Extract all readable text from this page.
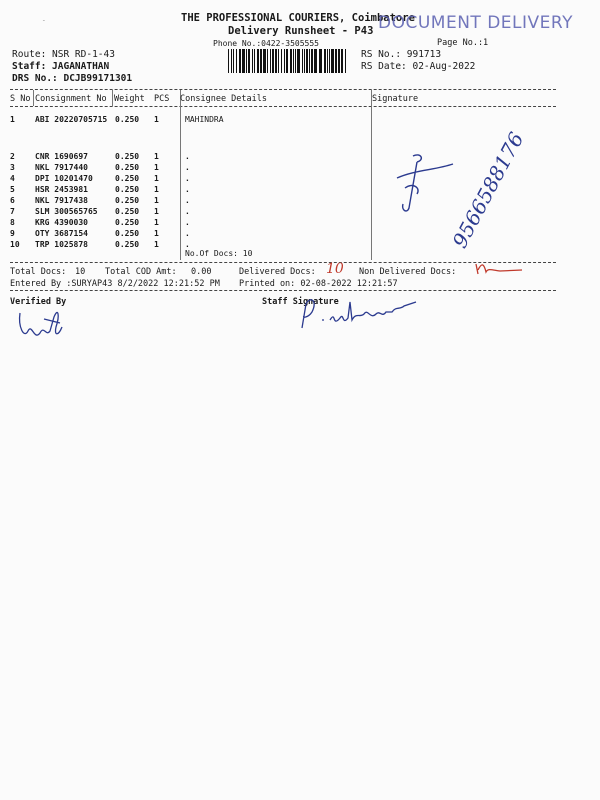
THE PROFESSIONAL COURIERS, Coimbatore
Delivery Runsheet - P43 DOCUMENT DELIVERY
Phone No.:0422-3505555	Page No.:1
Route: NSR RD-1-43
Staff: JAGANATHAN
DRS No.: DCJB99171301
RS No.: 991713
RS Date: 02-Aug-2022
S No Consignment No Weight PCS Consignee Details	Signature
1	ABI 20220705715 0.250 1	MAHINDRA
2	CNR 1690697	0.250 1	.
3	NKL 7917440	0.250 1	.
4	DPI 10201470	0.250 1	.
5	HSR 2453981	0.250 1	.
6	NKL 7917438	0.250 1	.
7	SLM 300565765 0.250 1	.
8	KRG 4390030	0.250 1	.
9	OTY 3687154	0.250 1	.
10 TRP 1025878	0.250 1	.
No.Of Docs: 10
Total Docs: 10 Total COD Amt: 0.00	Delivered Docs: 10 Non Delivered Docs:
Entered By :SURYAP43 8/2/2022 12:21:52 PM Printed on: 02-08-2022 12:21:57
Verified By	Staff Signature
9566588176
˘
